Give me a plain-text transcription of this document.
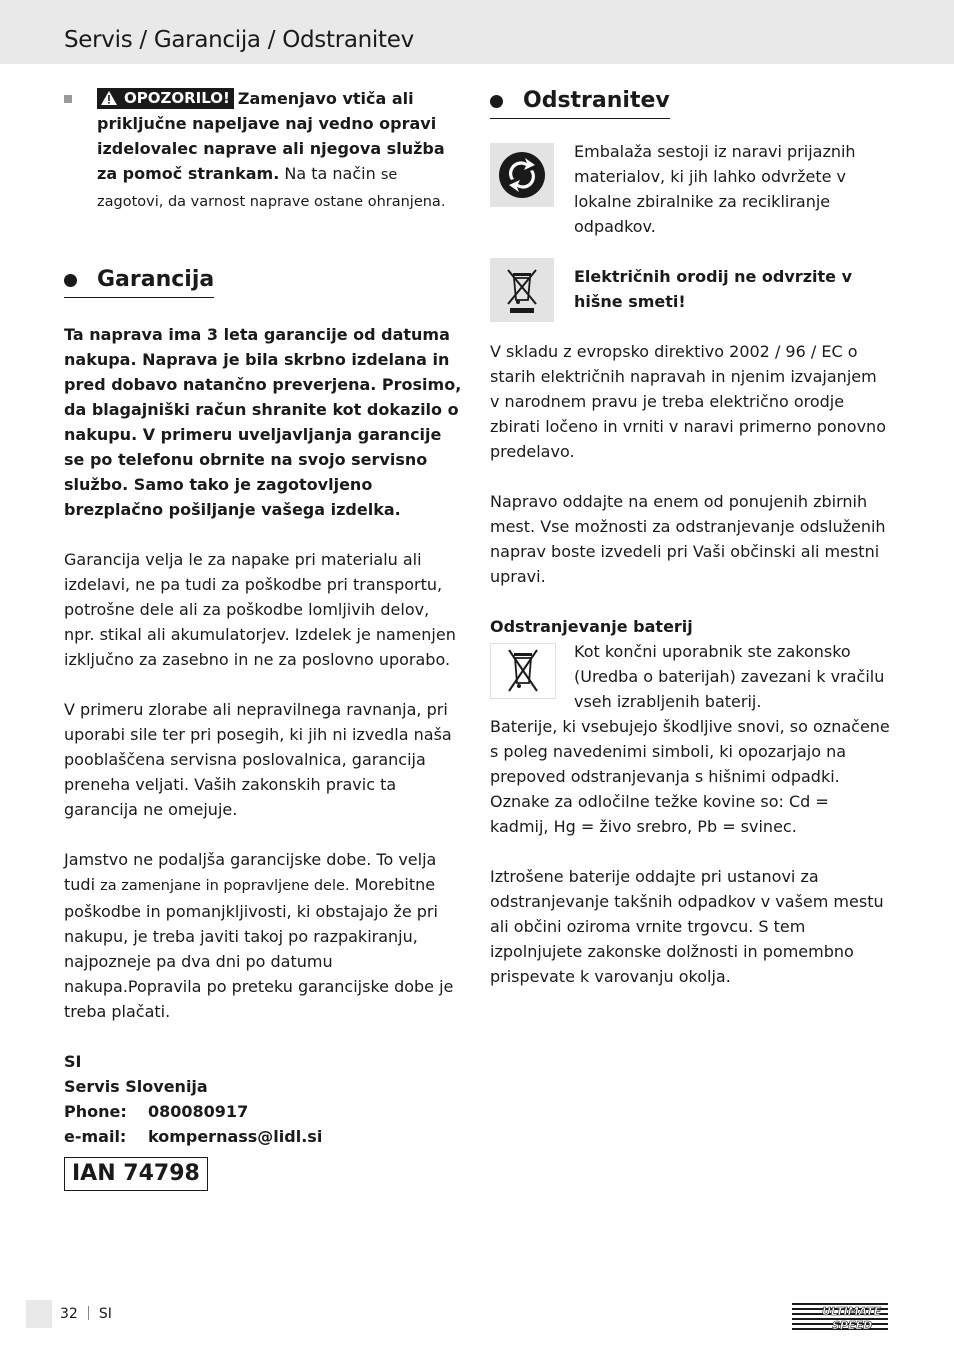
Servis / Garancija / Odstranitev

OPOZORILO! Zamenjavo vtiča ali priključne napeljave naj vedno opravi izdelovalec naprave ali njegova služba za pomoč strankam. Na ta način se zagotovi, da varnost naprave ostane ohranjena.

Garancija

Ta naprava ima 3 leta garancije od datuma nakupa. Naprava je bila skrbno izdelana in pred dobavo natančno preverjena. Prosimo, da blagajniški račun shranite kot dokazilo o nakupu. V primeru uveljavljanja garancije se po telefonu obrnite na svojo servisno službo. Samo tako je zagotovljeno brezplačno pošiljanje vašega izdelka.

Garancija velja le za napake pri materialu ali izdelavi, ne pa tudi za poškodbe pri transportu, potrošne dele ali za poškodbe lomljivih delov, npr. stikal ali akumulatorjev. Izdelek je namenjen izključno za zasebno in ne za poslovno uporabo.

V primeru zlorabe ali nepravilnega ravnanja, pri uporabi sile ter pri posegih, ki jih ni izvedla naša pooblaščena servisna poslovalnica, garancija preneha veljati. Vaših zakonskih pravic ta garancija ne omejuje.

Jamstvo ne podaljša garancijske dobe. To velja tudi za zamenjane in popravljene dele. Morebitne poškodbe in pomanjkljivosti, ki obstajajo že pri nakupu, je treba javiti takoj po razpakiranju, najpozneje pa dva dni po datumu nakupa.Popravila po preteku garancijske dobe je treba plačati.

SI
Servis Slovenija
Phone: 080080917
e-mail: kompernass@lidl.si
IAN 74798
Odstranitev

Embalaža sestoji iz naravi prijaznih materialov, ki jih lahko odvržete v lokalne zbiralnike za recikliranje odpadkov.

Električnih orodij ne odvrzite v hišne smeti!

V skladu z evropsko direktivo 2002 / 96 / EC o starih električnih napravah in njenim izvajanjem v narodnem pravu je treba električno orodje zbirati ločeno in vrniti v naravi primerno ponovno predelavo.

Napravo oddajte na enem od ponujenih zbirnih mest. Vse možnosti za odstranjevanje odsluženih naprav boste izvedeli pri Vaši občinski ali mestni upravi.

Odstranjevanje baterij

Kot končni uporabnik ste zakonsko (Uredba o baterijah) zavezani k vračilu vseh izrabljenih baterij.
Baterije, ki vsebujejo škodljive snovi, so označene s poleg navedenimi simboli, ki opozarjajo na prepoved odstranjevanja s hišnimi odpadki. Oznake za odločilne težke kovine so: Cd = kadmij, Hg = živo srebro, Pb = svinec.

Iztrošene baterije oddajte pri ustanovi za odstranjevanje takšnih odpadkov v vašem mestu ali občini oziroma vrnite trgovcu. S tem izpolnjujete zakonske dolžnosti in pomembno prispevate k varovanju okolja.

32 SI	ULTIMATE
SPEED
